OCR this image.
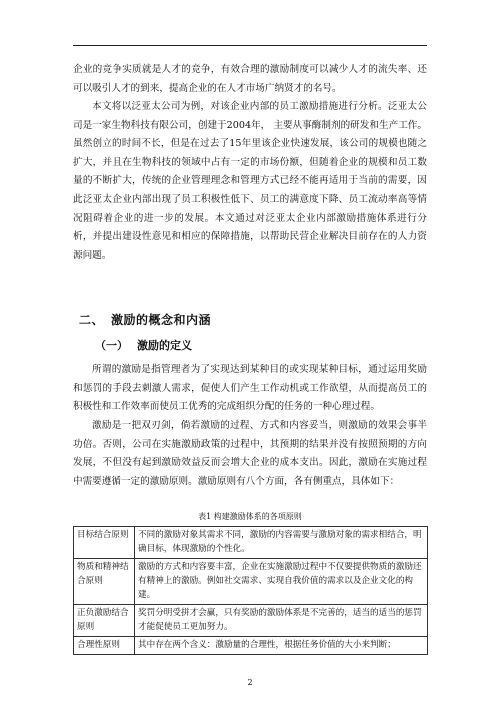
企业的竞争实质就是人才的竞争，有效合理的激励制度可以减少人才的流失率、还可以吸引人才的到来，提高企业的在人才市场广纳贤才的名号。

本文将以泛亚太公司为例，对该企业内部的员工激励措施进行分析。泛亚太公司是一家生物科技有限公司，创建于2004年， 主要从事酶制剂的研发和生产工作。虽然创立的时间不长，但是在过去了15年里该企业快速发展，该公司的规模也随之扩大，并且在生物科技的领域中占有一定的市场份额，但随着企业的规模和员工数量的不断扩大，传统的企业管理理念和管理方式已经不能再适用于当前的需要，因此泛亚太企业内部出现了员工积极性低下、员工的满意度下降、员工流动率高等情况阻碍着企业的进一步的发展。本文通过对泛亚太企业内部激励措施体系进行分析，并提出建设性意见和相应的保障措施，以帮助民营企业解决目前存在的人力资源问题。

二、 激励的概念和内涵
（一） 激励的定义

所谓的激励是指管理者为了实现达到某种目的或实现某种目标，通过运用奖励和惩罚的手段去刺激人需求，促使人们产生工作动机或工作欲望，从而提高员工的积极性和工作效率而使员工优秀的完成组织分配的任务的一种心理过程。

激励是一把双刃剑，倘若激励的过程、方式和内容妥当，则激励的效果会事半功倍。否则，公司在实施激励政策的过程中，其预期的结果并没有按照预期的方向发展，不但没有起到激励效益反而会增大企业的成本支出。因此，激励在实施过程中需要遵循一定的激励原则。激励原则有八个方面，各有侧重点，具体如下：

表1 构建激励体系的各项原则
目标结合原则	不同的激励对象其需求不同，激励的内容需要与激励对象的需求相结合，明确目标，体现激励的个性化。
物质和精神结合原则	激励的方式和内容要丰富，企业在实施激励过程中不仅要提供物质的激励还有精神上的激励。例如社交需求、实现自我价值的需求以及企业文化的构建。
正负激励结合原则	奖罚分明受拼才会赢，只有奖励的激励体系是不完善的，适当的适当的惩罚才能促使员工更加努力。
合理性原则	其中存在两个含义：激励量的合理性，根据任务价值的大小来判断；
2
